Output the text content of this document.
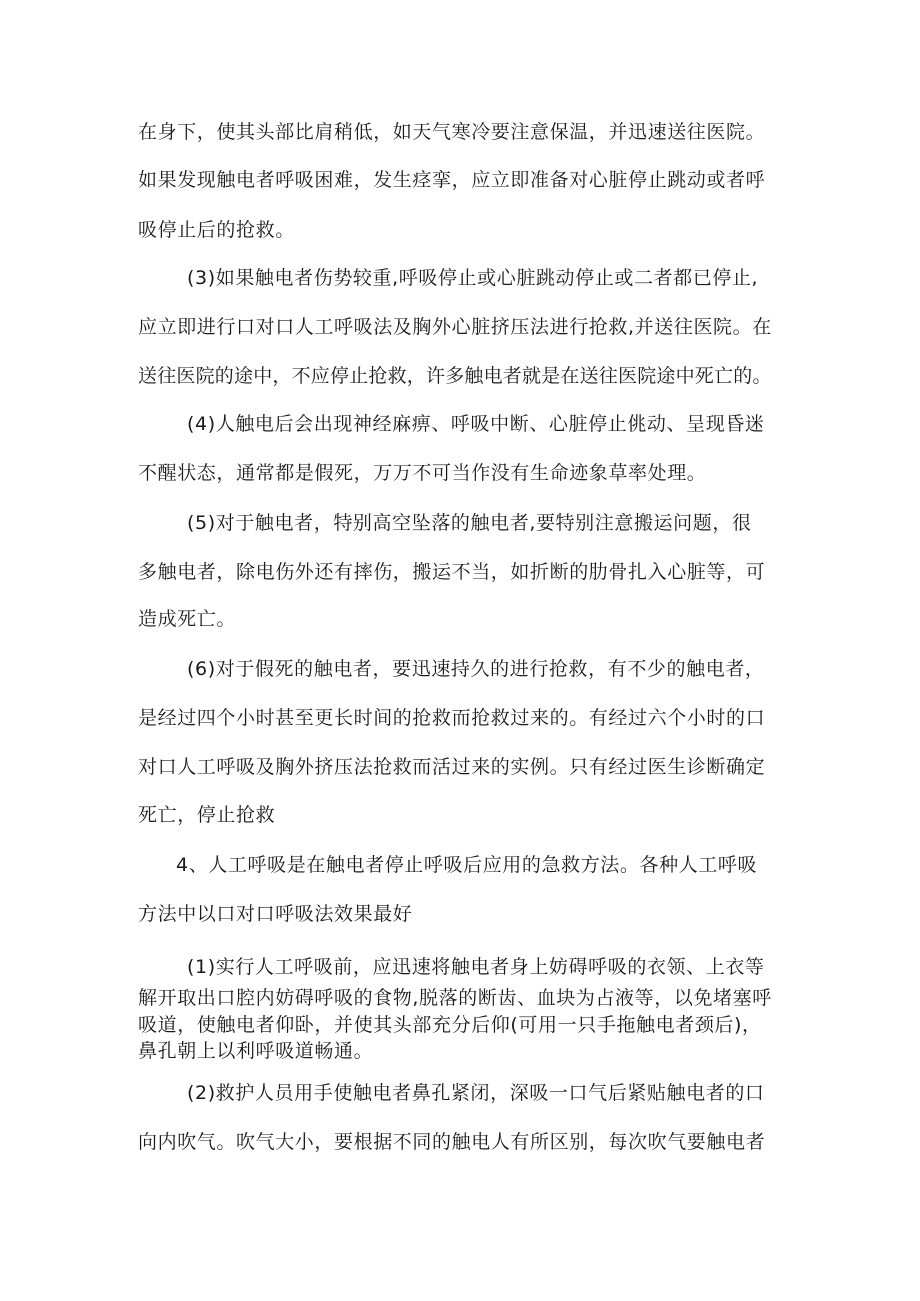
在身下，使其头部比肩稍低，如天气寒冷要注意保温，并迅速送往医院。

如果发现触电者呼吸困难，发生痉挛，应立即准备对心脏停止跳动或者呼

吸停止后的抢救。

(3)如果触电者伤势较重,呼吸停止或心脏跳动停止或二者都已停止,

应立即进行口对口人工呼吸法及胸外心脏挤压法进行抢救,并送往医院。在

送往医院的途中，不应停止抢救，许多触电者就是在送往医院途中死亡的。

(4)人触电后会出现神经麻痹、呼吸中断、心脏停止佻动、呈现昏迷

不醒状态，通常都是假死，万万不可当作没有生命迹象草率处理。

(5)对于触电者，特别高空坠落的触电者,要特别注意搬运问题，很

多触电者，除电伤外还有摔伤，搬运不当，如折断的肋骨扎入心脏等，可

造成死亡。

(6)对于假死的触电者，要迅速持久的进行抢救，有不少的触电者，

是经过四个小时甚至更长时间的抢救而抢救过来的。有经过六个小时的口

对口人工呼吸及胸外挤压法抢救而活过来的实例。只有经过医生诊断确定

死亡，停止抢救

4、人工呼吸是在触电者停止呼吸后应用的急救方法。各种人工呼吸

方法中以口对口呼吸法效果最好

(1)实行人工呼吸前，应迅速将触电者身上妨碍呼吸的衣领、上衣等

解开取出口腔内妨碍呼吸的食物,脱落的断齿、血块为占液等，以免堵塞呼

吸道，使触电者仰卧，并使其头部充分后仰(可用一只手拖触电者颈后)，

鼻孔朝上以利呼吸道畅通。

(2)救护人员用手使触电者鼻孔紧闭，深吸一口气后紧贴触电者的口

向内吹气。吹气大小，要根据不同的触电人有所区别，每次吹气要触电者
